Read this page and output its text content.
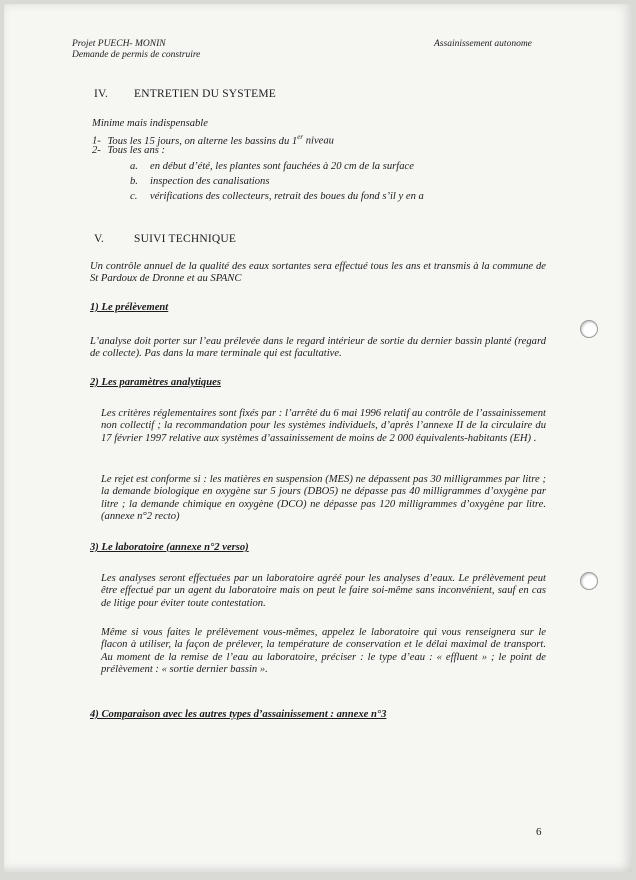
Projet PUECH- MONIN
Demande de permis de construire
Assainissement autonome
IV. ENTRETIEN DU SYSTEME
Minime mais indispensable
1- Tous les 15 jours, on alterne les bassins du 1er niveau
2- Tous les ans :
a. en début d’été, les plantes sont fauchées à 20 cm de la surface
b. inspection des canalisations
c. vérifications des collecteurs, retrait des boues du fond s’il y en a
V.	SUIVI TECHNIQUE
Un contrôle annuel de la qualité des eaux sortantes sera effectué tous les ans et transmis à la commune de St Pardoux de Dronne et au SPANC
1) Le prélèvement
L’analyse doit porter sur l’eau prélevée dans le regard intérieur de sortie du dernier bassin planté (regard de collecte). Pas dans la mare terminale qui est facultative.
2) Les paramètres analytiques
Les critères réglementaires sont fixés par : l’arrêté du 6 mai 1996 relatif au contrôle de l’assainissement non collectif ; la recommandation pour les systèmes individuels, d’après l’annexe II de la circulaire du 17 février 1997 relative aux systèmes d’assainissement de moins de 2 000 équivalents-habitants (EH) .
Le rejet est conforme si : les matières en suspension (MES) ne dépassent pas 30 milligrammes par litre ; la demande biologique en oxygène sur 5 jours (DBO5) ne dépasse pas 40 milligrammes d’oxygène par litre ; la demande chimique en oxygène (DCO) ne dépasse pas 120 milligrammes d’oxygène par litre. (annexe n°2 recto)
3) Le laboratoire (annexe n°2 verso)
Les analyses seront effectuées par un laboratoire agréé pour les analyses d’eaux. Le prélèvement peut être effectué par un agent du laboratoire mais on peut le faire soi-même sans inconvénient, sauf en cas de litige pour éviter toute contestation.
Même si vous faites le prélèvement vous-mêmes, appelez le laboratoire qui vous renseignera sur le flacon à utiliser, la façon de prélever, la température de conservation et le délai maximal de transport. Au moment de la remise de l’eau au laboratoire, préciser : le type d’eau : « effluent » ; le point de prélèvement : « sortie dernier bassin ».
4) Comparaison avec les autres types d’assainissement : annexe n°3
6
